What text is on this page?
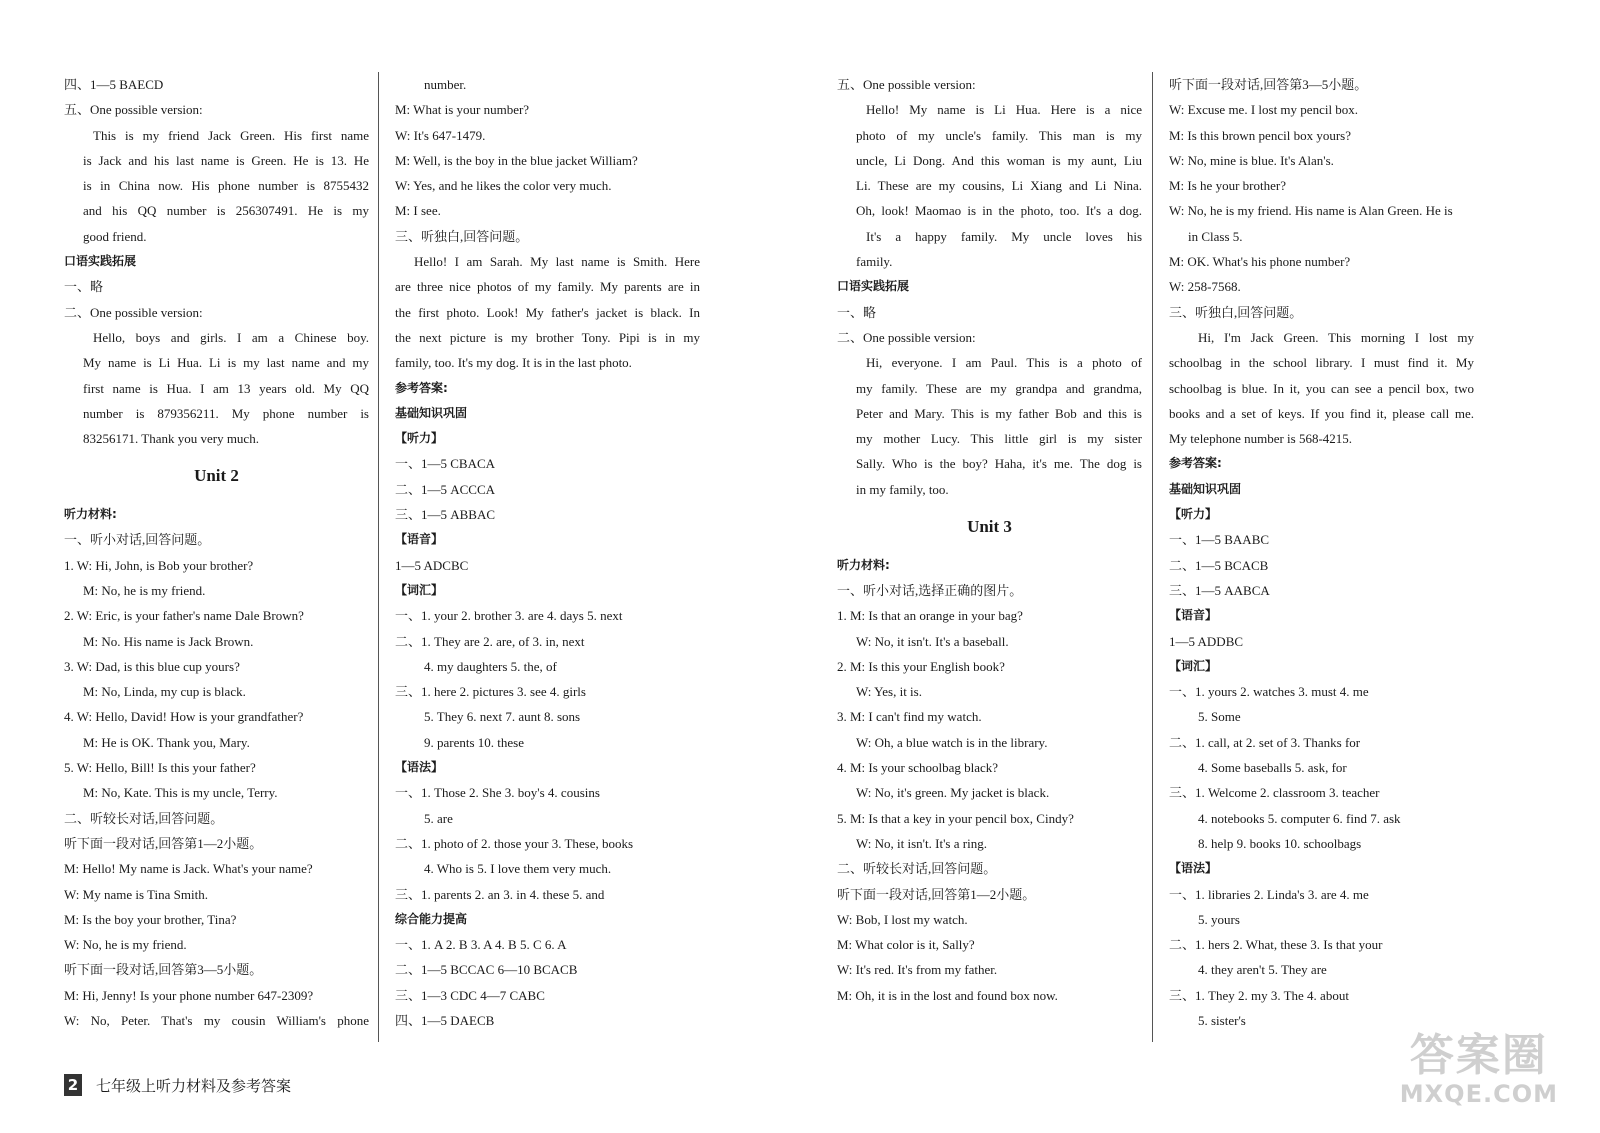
四、1—5 BAECD
五、One possible version:
This is my friend Jack Green. His first name
is Jack and his last name is Green. He is 13. He
is in China now. His phone number is 8755432
and his QQ number is 256307491. He is my
good friend.
口语实践拓展
一、略
二、One possible version:
Hello, boys and girls. I am a Chinese boy.
My name is Li Hua. Li is my last name and my
first name is Hua. I am 13 years old. My QQ
number is 879356211. My phone number is
83256171. Thank you very much.
Unit 2
听力材料:
一、听小对话,回答问题。
1. W: Hi, John, is Bob your brother?
M: No, he is my friend.
2. W: Eric, is your father's name Dale Brown?
M: No. His name is Jack Brown.
3. W: Dad, is this blue cup yours?
M: No, Linda, my cup is black.
4. W: Hello, David! How is your grandfather?
M: He is OK. Thank you, Mary.
5. W: Hello, Bill! Is this your father?
M: No, Kate. This is my uncle, Terry.
二、听较长对话,回答问题。
听下面一段对话,回答第1—2小题。
M: Hello! My name is Jack. What's your name?
W: My name is Tina Smith.
M: Is the boy your brother, Tina?
W: No, he is my friend.
听下面一段对话,回答第3—5小题。
M: Hi, Jenny! Is your phone number 647-2309?
W: No, Peter. That's my cousin William's phone
number.
M: What is your number?
W: It's 647-1479.
M: Well, is the boy in the blue jacket William?
W: Yes, and he likes the color very much.
M: I see.
三、听独白,回答问题。
Hello! I am Sarah. My last name is Smith. Here
are three nice photos of my family. My parents are in
the first photo. Look! My father's jacket is black. In
the next picture is my brother Tony. Pipi is in my
family, too. It's my dog. It is in the last photo.
参考答案:
基础知识巩固
【听力】
一、1—5 CBACA
二、1—5 ACCCA
三、1—5 ABBAC
【语音】
1—5 ADCBC
【词汇】
一、1. your 2. brother 3. are 4. days 5. next
二、1. They are 2. are, of 3. in, next
4. my daughters 5. the, of
三、1. here 2. pictures 3. see 4. girls
5. They 6. next 7. aunt 8. sons
9. parents 10. these
【语法】
一、1. Those 2. She 3. boy's 4. cousins
5. are
二、1. photo of 2. those your 3. These, books
4. Who is 5. I love them very much.
三、1. parents 2. an 3. in 4. these 5. and
综合能力提高
一、1. A 2. B 3. A 4. B 5. C 6. A
二、1—5 BCCAC 6—10 BCACB
三、1—3 CDC 4—7 CABC
四、1—5 DAECB
五、One possible version:
Hello! My name is Li Hua. Here is a nice
photo of my uncle's family. This man is my
uncle, Li Dong. And this woman is my aunt, Liu
Li. These are my cousins, Li Xiang and Li Nina.
Oh, look! Maomao is in the photo, too. It's a dog.
It's a happy family. My uncle loves his
family.
口语实践拓展
一、略
二、One possible version:
Hi, everyone. I am Paul. This is a photo of
my family. These are my grandpa and grandma,
Peter and Mary. This is my father Bob and this is
my mother Lucy. This little girl is my sister
Sally. Who is the boy? Haha, it's me. The dog is
in my family, too.
Unit 3
听力材料:
一、听小对话,选择正确的图片。
1. M: Is that an orange in your bag?
W: No, it isn't. It's a baseball.
2. M: Is this your English book?
W: Yes, it is.
3. M: I can't find my watch.
W: Oh, a blue watch is in the library.
4. M: Is your schoolbag black?
W: No, it's green. My jacket is black.
5. M: Is that a key in your pencil box, Cindy?
W: No, it isn't. It's a ring.
二、听较长对话,回答问题。
听下面一段对话,回答第1—2小题。
W: Bob, I lost my watch.
M: What color is it, Sally?
W: It's red. It's from my father.
M: Oh, it is in the lost and found box now.
听下面一段对话,回答第3—5小题。
W: Excuse me. I lost my pencil box.
M: Is this brown pencil box yours?
W: No, mine is blue. It's Alan's.
M: Is he your brother?
W: No, he is my friend. His name is Alan Green. He is
in Class 5.
M: OK. What's his phone number?
W: 258-7568.
三、听独白,回答问题。
Hi, I'm Jack Green. This morning I lost my
schoolbag in the school library. I must find it. My
schoolbag is blue. In it, you can see a pencil box, two
books and a set of keys. If you find it, please call me.
My telephone number is 568-4215.
参考答案:
基础知识巩固
【听力】
一、1—5 BAABC
二、1—5 BCACB
三、1—5 AABCA
【语音】
1—5 ADDBC
【词汇】
一、1. yours 2. watches 3. must 4. me
5. Some
二、1. call, at 2. set of 3. Thanks for
4. Some baseballs 5. ask, for
三、1. Welcome 2. classroom 3. teacher
4. notebooks 5. computer 6. find 7. ask
8. help 9. books 10. schoolbags
【语法】
一、1. libraries 2. Linda's 3. are 4. me
5. yours
二、1. hers 2. What, these 3. Is that your
4. they aren't 5. They are
三、1. They 2. my 3. The 4. about
5. sister's
2 七年级上听力材料及参考答案
答案圈
MXQE.COM
